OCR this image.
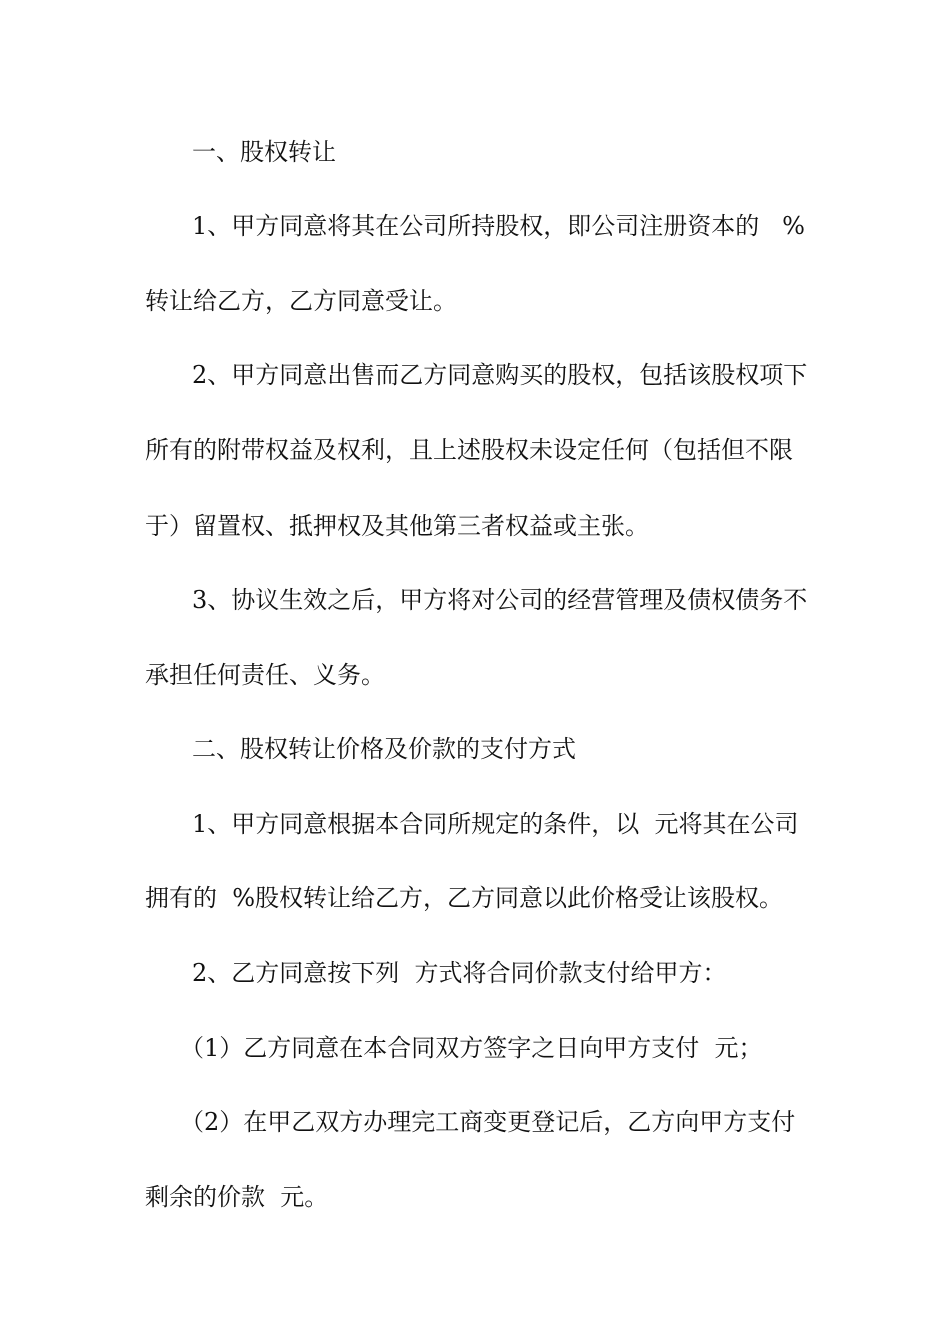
一、股权转让
1、甲方同意将其在公司所持股权，即公司注册资本的   %
转让给乙方，乙方同意受让。
2、甲方同意出售而乙方同意购买的股权，包括该股权项下
所有的附带权益及权利，且上述股权未设定任何（包括但不限
于）留置权、抵押权及其他第三者权益或主张。
3、协议生效之后，甲方将对公司的经营管理及债权债务不
承担任何责任、义务。
二、股权转让价格及价款的支付方式
1、甲方同意根据本合同所规定的条件，以  元将其在公司
拥有的  %股权转让给乙方，乙方同意以此价格受让该股权。
2、乙方同意按下列  方式将合同价款支付给甲方：
（1）乙方同意在本合同双方签字之日向甲方支付  元；
（2）在甲乙双方办理完工商变更登记后，乙方向甲方支付
剩余的价款  元。
